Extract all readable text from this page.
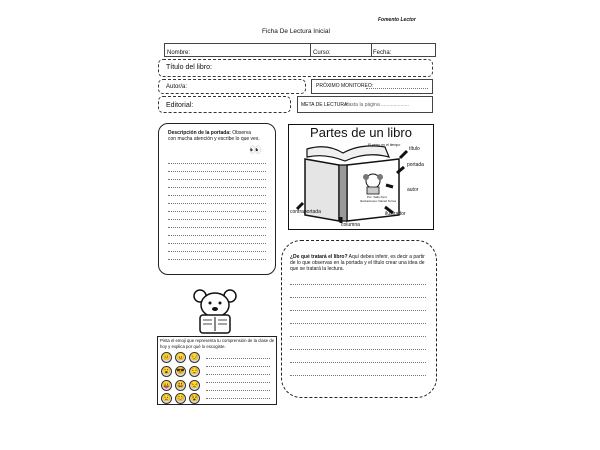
Fomento Lector
Ficha De Lectura Inicial
Nombre:	Curso:	Fecha:
Título del libro:
Autor/a:	PRÓXIMO MONITOREO:
Editorial:	META DE LECTURA:
Hasta la página ....................
Descripción de la portada: Observa con mucha atención y escribe lo que ves.
👀
Partes de un libro
El perro en el tiempo
Por: Sally Kent
Ilustraciones: Daniel Torres
título
portada
autor
ilustrador
contraportada
columna
¿De qué tratará el libro? Aquí debes inferir, es decir a partir de lo que observas en la portada y el título crear una idea de que se tratará la lectura.
Pinta el emoji que representa tu comprensión de la clase de hoy y explica por qué lo escogiste.
😐 😠 😔
😮 😎 😌
😛 😃 😒
😟 😊 😵
